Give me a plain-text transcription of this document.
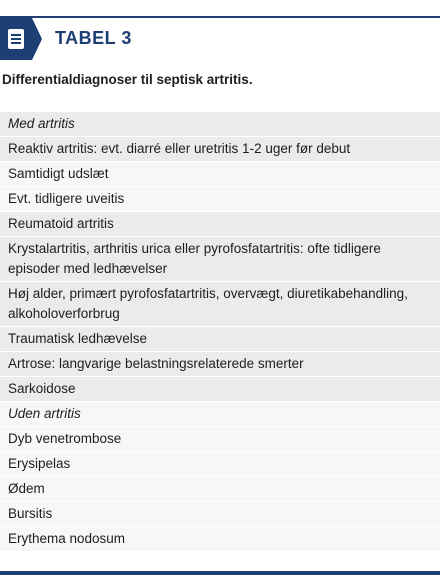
TABEL 3
Differentialdiagnoser til septisk artritis.
Med artritis
Reaktiv artritis: evt. diarré eller uretritis 1-2 uger før debut
Samtidigt udslæt
Evt. tidligere uveitis
Reumatoid artritis
Krystalartritis, arthritis urica eller pyrofosfatartritis: ofte tidligere episoder med ledhævelser
Høj alder, primært pyrofosfatartritis, overvægt, diuretikabehandling, alkoholoverforbrug
Traumatisk ledhævelse
Artrose: langvarige belastningsrelaterede smerter
Sarkoidose
Uden artritis
Dyb venetrombose
Erysipelas
Ødem
Bursitis
Erythema nodosum
